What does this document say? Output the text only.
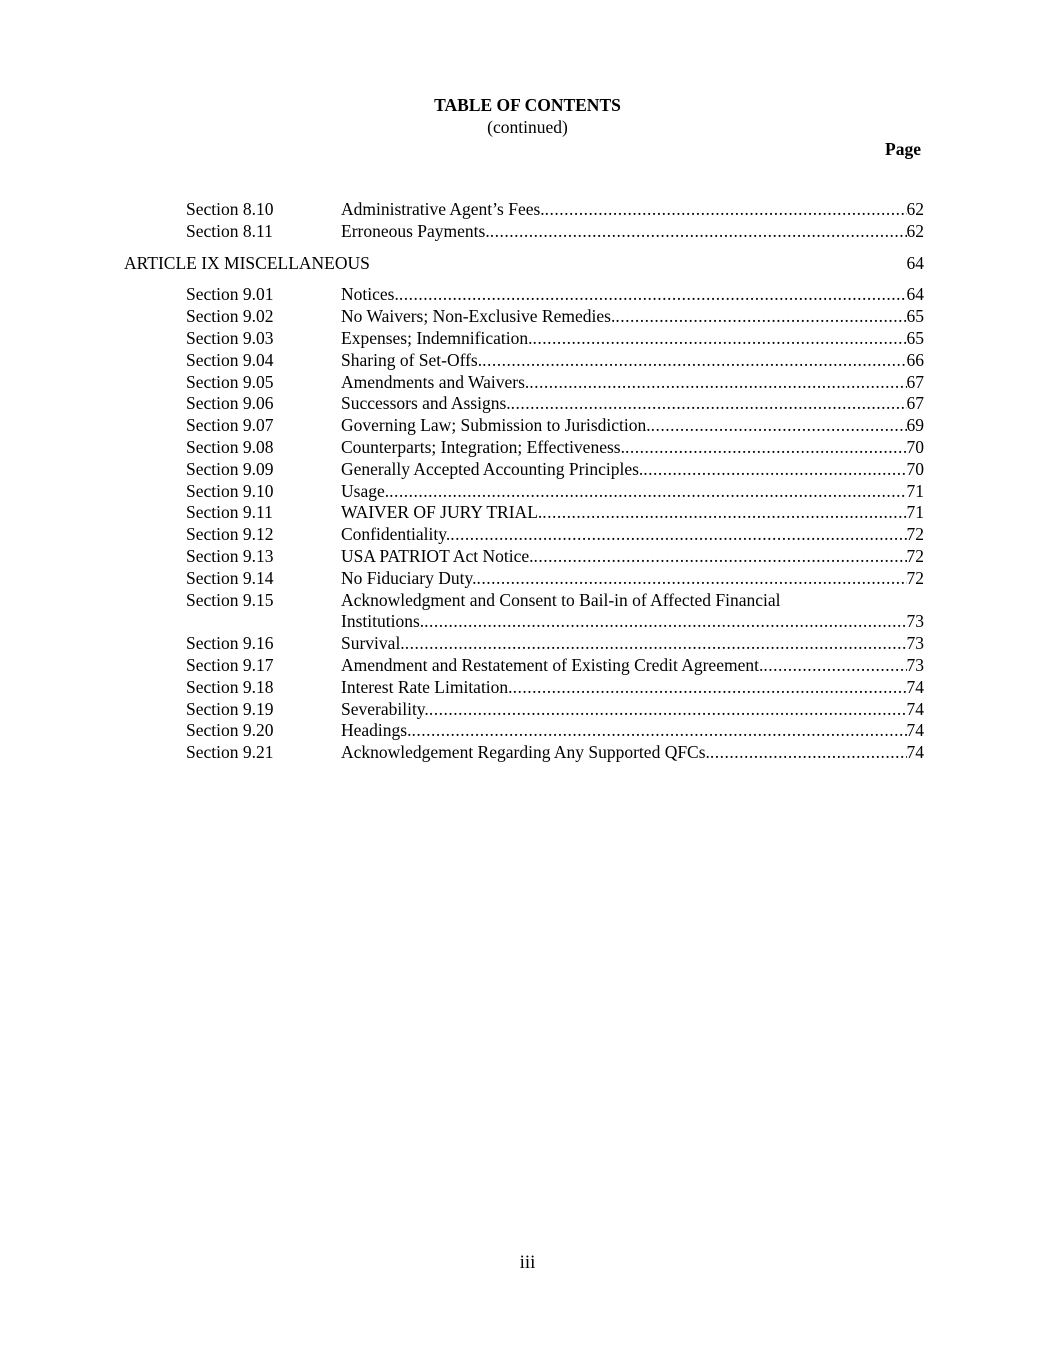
TABLE OF CONTENTS
(continued)
Page
Section 8.10	Administrative Agent’s Fees. .....	62
Section 8.11	Erroneous Payments. .....	62
ARTICLE IX MISCELLANEOUS	64
Section 9.01	Notices. .....	64
Section 9.02	No Waivers; Non-Exclusive Remedies. .....	65
Section 9.03	Expenses; Indemnification. .....	65
Section 9.04	Sharing of Set-Offs. .....	66
Section 9.05	Amendments and Waivers. .....	67
Section 9.06	Successors and Assigns. .....	67
Section 9.07	Governing Law; Submission to Jurisdiction. .....	69
Section 9.08	Counterparts; Integration; Effectiveness. .....	70
Section 9.09	Generally Accepted Accounting Principles. .....	70
Section 9.10	Usage. .....	71
Section 9.11	WAIVER OF JURY TRIAL. .....	71
Section 9.12	Confidentiality. .....	72
Section 9.13	USA PATRIOT Act Notice. .....	72
Section 9.14	No Fiduciary Duty. .....	72
Section 9.15	Acknowledgment and Consent to Bail-in of Affected Financial
Institutions. .....	73
Section 9.16	Survival. .....	73
Section 9.17	Amendment and Restatement of Existing Credit Agreement. .....	73
Section 9.18	Interest Rate Limitation. .....	74
Section 9.19	Severability. .....	74
Section 9.20	Headings. .....	74
Section 9.21	Acknowledgement Regarding Any Supported QFCs. .....	74
iii
